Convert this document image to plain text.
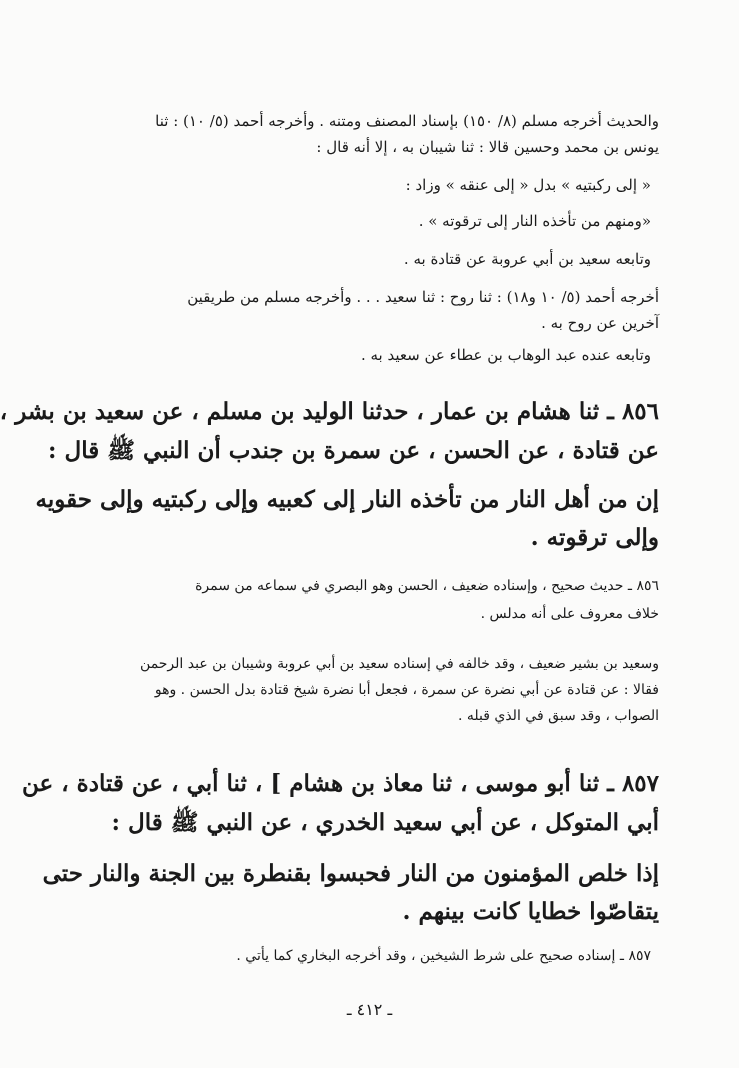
والحديث أخرجه مسلم (٨/ ١٥٠) بإسناد المصنف ومتنه . وأخرجه أحمد (٥/ ١٠) : ثنا
يونس بن محمد وحسين قالا : ثنا شيبان به ، إلا أنه قال :
« إلى ركبتيه » بدل « إلى عنقه » وزاد :
«ومنهم من تأخذه النار إلى ترقوته » .
وتابعه سعيد بن أبي عروبة عن قتادة به .
أخرجه أحمد (٥/ ١٠ و١٨) : ثنا روح : ثنا سعيد . . . وأخرجه مسلم من طريقين
آخرين عن روح به .
وتابعه عنده عبد الوهاب بن عطاء عن سعيد به .
٨٥٦ ـ ثنا هشام بن عمار ، حدثنا الوليد بن مسلم ، عن سعيد بن بشر ،
عن قتادة ، عن الحسن ، عن سمرة بن جندب أن النبي ﷺ قال :
إن من أهل النار من تأخذه النار إلى كعبيه وإلى ركبتيه وإلى حقويه
وإلى ترقوته .
٨٥٦ ـ حديث صحيح ، وإسناده ضعيف ، الحسن وهو البصري في سماعه من سمرة
خلاف معروف على أنه مدلس .
وسعيد بن بشير ضعيف ، وقد خالفه في إسناده سعيد بن أبي عروبة وشيبان بن عبد الرحمن
فقالا : عن قتادة عن أبي نضرة عن سمرة ، فجعل أبا نضرة شيخ قتادة بدل الحسن . وهو
الصواب ، وقد سبق في الذي قبله .
٨٥٧ ـ ثنا أبو موسى ، ثنا معاذ بن هشام ] ، ثنا أبي ، عن قتادة ، عن
أبي المتوكل ، عن أبي سعيد الخدري ، عن النبي ﷺ قال :
إذا خلص المؤمنون من النار فحبسوا بقنطرة بين الجنة والنار حتى
يتقاصّوا خطايا كانت بينهم .
٨٥٧ ـ إسناده صحيح على شرط الشيخين ، وقد أخرجه البخاري كما يأتي .
ـ ٤١٢ ـ
